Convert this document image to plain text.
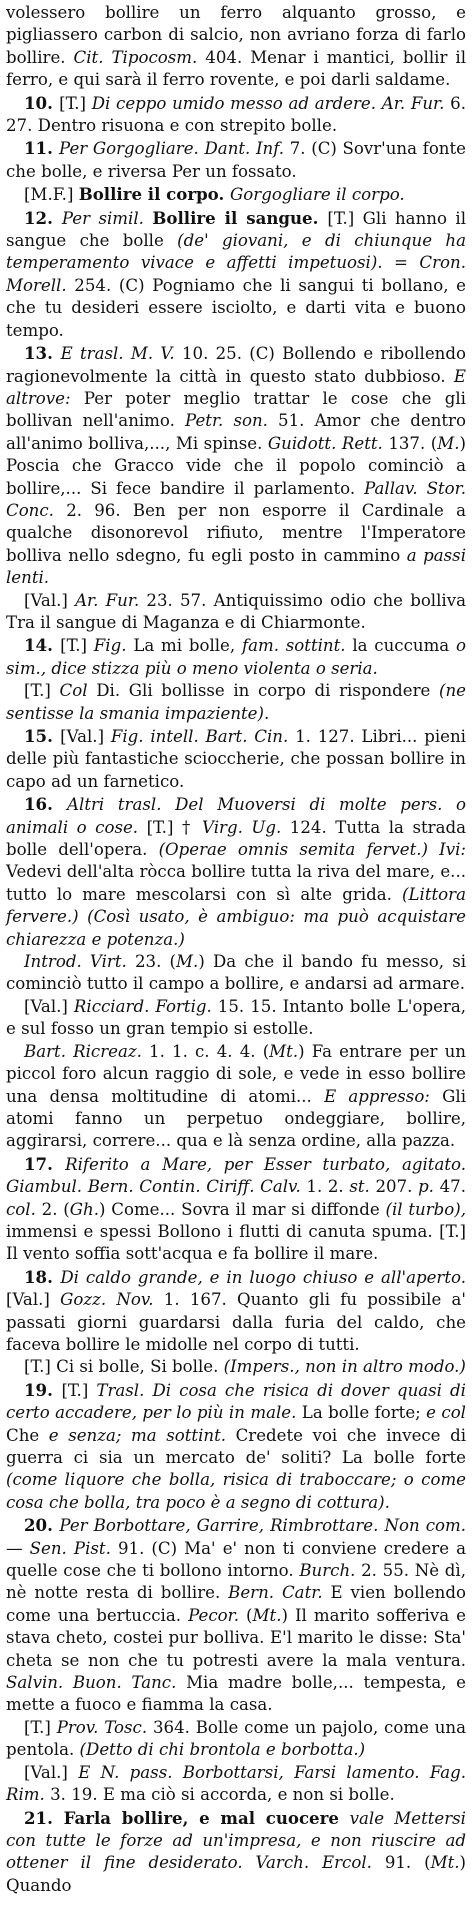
volessero bollire un ferro alquanto grosso, e pigliassero carbon di salcio, non avriano forza di farlo bollire. Cit. Tipocosm. 404. Menar i mantici, bollir il ferro, e qui sarà il ferro rovente, e poi darli saldame.

10. [T.] Di ceppo umido messo ad ardere. Ar. Fur. 6. 27. Dentro risuona e con strepito bolle.

11. Per Gorgogliare. Dant. Inf. 7. (C) Sovr'una fonte che bolle, e riversa Per un fossato.

[M.F.] Bollire il corpo. Gorgogliare il corpo.

12. Per simil. Bollire il sangue. [T.] Gli hanno il sangue che bolle (de' giovani, e di chiunque ha temperamento vivace e affetti impetuosi). = Cron. Morell. 254. (C) Pogniamo che li sangui ti bollano, e che tu desideri essere isciolto, e darti vita e buono tempo.

13. E trasl. M. V. 10. 25. (C) Bollendo e ribollendo ragionevolmente la città in questo stato dubbioso. E altrove: Per poter meglio trattar le cose che gli bollivan nell'animo. Petr. son. 51. Amor che dentro all'animo bolliva,..., Mi spinse. Guidott. Rett. 137. (M.) Poscia che Gracco vide che il popolo cominciò a bollire,... Si fece bandire il parlamento. Pallav. Stor. Conc. 2. 96. Ben per non esporre il Cardinale a qualche disonorevol rifiuto, mentre l'Imperatore bolliva nello sdegno, fu egli posto in cammino a passi lenti.

[Val.] Ar. Fur. 23. 57. Antiquissimo odio che bolliva Tra il sangue di Maganza e di Chiarmonte.

14. [T.] Fig. La mi bolle, fam. sottint. la cuccuma o sim., dice stizza più o meno violenta o seria.

[T.] Col Di. Gli bollisse in corpo di rispondere (ne sentisse la smania impaziente).

15. [Val.] Fig. intell. Bart. Cin. 1. 127. Libri... pieni delle più fantastiche scioccherie, che possan bollire in capo ad un farnetico.

16. Altri trasl. Del Muoversi di molte pers. o animali o cose. [T.] † Virg. Ug. 124. Tutta la strada bolle dell'opera. (Operae omnis semita fervet.) Ivi: Vedevi dell'alta ròcca bollire tutta la riva del mare, e... tutto lo mare mescolarsi con sì alte grida. (Littora fervere.) (Così usato, è ambiguo: ma può acquistare chiarezza e potenza.)

Introd. Virt. 23. (M.) Da che il bando fu messo, si cominciò tutto il campo a bollire, e andarsi ad armare.

[Val.] Ricciard. Fortig. 15. 15. Intanto bolle L'opera, e sul fosso un gran tempio si estolle.

Bart. Ricreaz. 1. 1. c. 4. 4. (Mt.) Fa entrare per un piccol foro alcun raggio di sole, e vede in esso bollire una densa moltitudine di atomi... E appresso: Gli atomi fanno un perpetuo ondeggiare, bollire, aggirarsi, correre... qua e là senza ordine, alla pazza.

17. Riferito a Mare, per Esser turbato, agitato. Giambul. Bern. Contin. Ciriff. Calv. 1. 2. st. 207. p. 47. col. 2. (Gh.) Come... Sovra il mar si diffonde (il turbo), immensi e spessi Bollono i flutti di canuta spuma. [T.] Il vento soffia sott'acqua e fa bollire il mare.

18. Di caldo grande, e in luogo chiuso e all'aperto. [Val.] Gozz. Nov. 1. 167. Quanto gli fu possibile a' passati giorni guardarsi dalla furia del caldo, che faceva bollire le midolle nel corpo di tutti.

[T.] Ci si bolle, Si bolle. (Impers., non in altro modo.)

19. [T.] Trasl. Di cosa che risica di dover quasi di certo accadere, per lo più in male. La bolle forte; e col Che e senza; ma sottint. Credete voi che invece di guerra ci sia un mercato de' soliti? La bolle forte (come liquore che bolla, risica di traboccare; o come cosa che bolla, tra poco è a segno di cottura).

20. Per Borbottare, Garrire, Rimbrottare. Non com. — Sen. Pist. 91. (C) Ma' e' non ti conviene credere a quelle cose che ti bollono intorno. Burch. 2. 55. Nè dì, nè notte resta di bollire. Bern. Catr. E vien bollendo come una bertuccia. Pecor. (Mt.) Il marito sofferiva e stava cheto, costei pur bolliva. E'l marito le disse: Sta' cheta se non che tu potresti avere la mala ventura. Salvin. Buon. Tanc. Mia madre bolle,... tempesta, e mette a fuoco e fiamma la casa.

[T.] Prov. Tosc. 364. Bolle come un pajolo, come una pentola. (Detto di chi brontola e borbotta.)

[Val.] E N. pass. Borbottarsi, Farsi lamento. Fag. Rim. 3. 19. E ma ciò si accorda, e non si bolle.

21. Farla bollire, e mal cuocere vale Mettersi con tutte le forze ad un'impresa, e non riuscire ad ottener il fine desiderato. Varch. Ercol. 91. (Mt.) Quando
